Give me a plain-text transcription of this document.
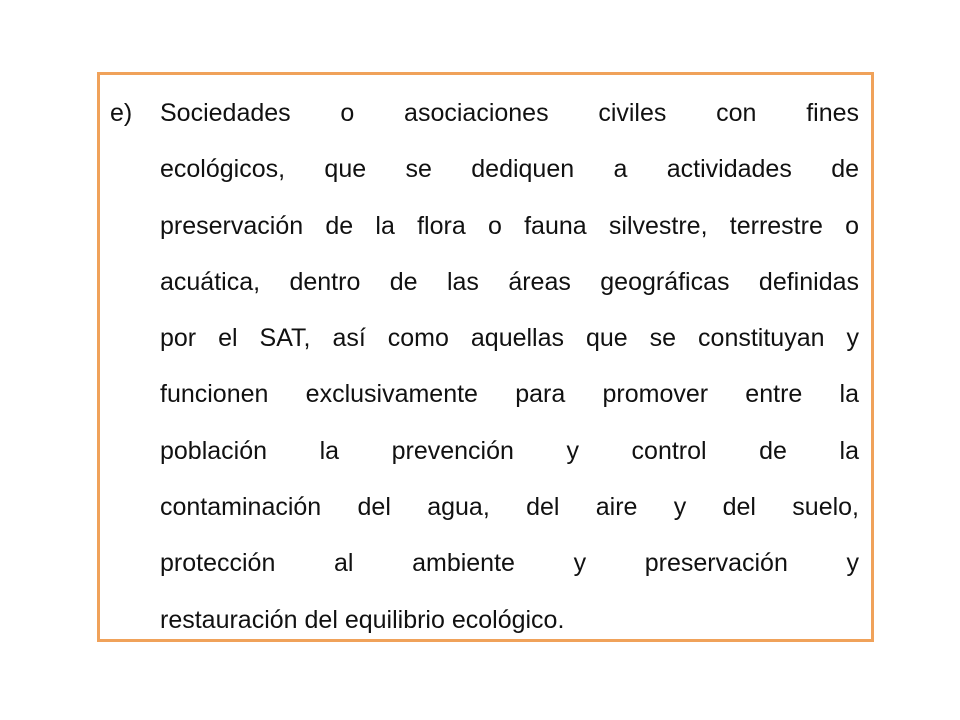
e)	Sociedades o asociaciones civiles con fines
ecológicos, que se dediquen a actividades de
preservación de la flora o fauna silvestre, terrestre o
acuática, dentro de las áreas geográficas definidas
por el SAT, así como aquellas que se constituyan y
funcionen exclusivamente para promover entre la
población la prevención y control de la
contaminación del agua, del aire y del suelo,
protección al ambiente y preservación y
restauración del equilibrio ecológico.
